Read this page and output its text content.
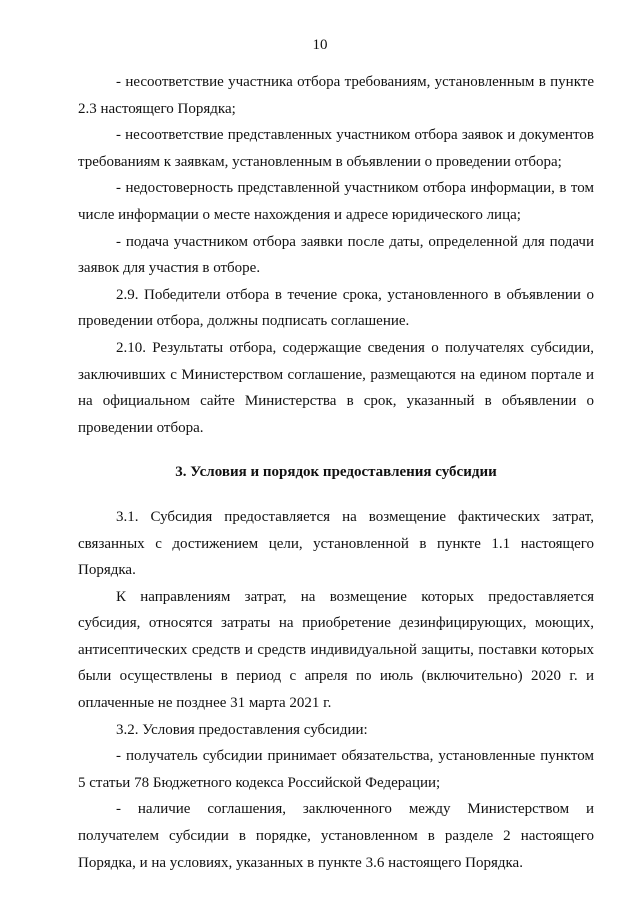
10

- несоответствие участника отбора требованиям, установленным в пункте 2.3 настоящего Порядка;

- несоответствие представленных участником отбора заявок и документов требованиям к заявкам, установленным в объявлении о проведении отбора;

- недостоверность представленной участником отбора информации, в том числе информации о месте нахождения и адресе юридического лица;

- подача участником отбора заявки после даты, определенной для подачи заявок для участия в отборе.

2.9. Победители отбора в течение срока, установленного в объявлении о проведении отбора, должны подписать соглашение.

2.10. Результаты отбора, содержащие сведения о получателях субсидии, заключивших с Министерством соглашение, размещаются на едином портале и на официальном сайте Министерства в срок, указанный в объявлении о проведении отбора.

3. Условия и порядок предоставления субсидии

3.1. Субсидия предоставляется на возмещение фактических затрат, связанных с достижением цели, установленной в пункте 1.1 настоящего Порядка.

К направлениям затрат, на возмещение которых предоставляется субсидия, относятся затраты на приобретение дезинфицирующих, моющих, антисептических средств и средств индивидуальной защиты, поставки которых были осуществлены в период с апреля по июль (включительно) 2020 г. и оплаченные не позднее 31 марта 2021 г.

3.2. Условия предоставления субсидии:

- получатель субсидии принимает обязательства, установленные пунктом 5 статьи 78 Бюджетного кодекса Российской Федерации;

- наличие соглашения, заключенного между Министерством и получателем субсидии в порядке, установленном в разделе 2 настоящего Порядка, и на условиях, указанных в пункте 3.6 настоящего Порядка.
